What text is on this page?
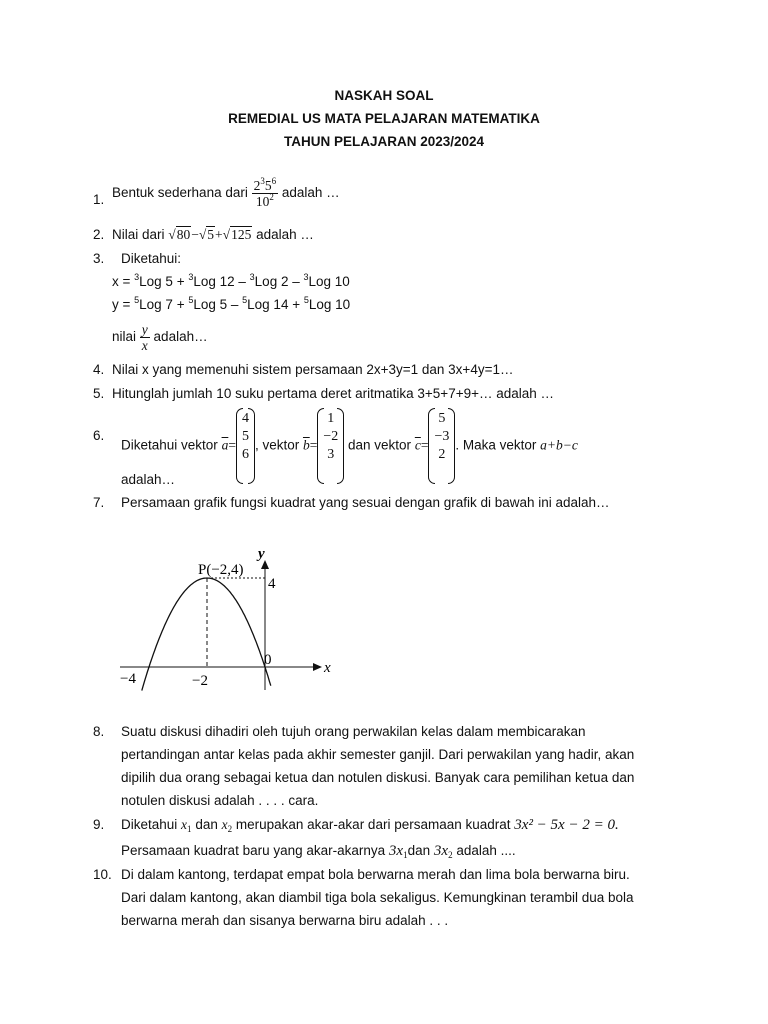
NASKAH SOAL
REMEDIAL US MATA PELAJARAN MATEMATIKA
TAHUN PELAJARAN 2023/2024
1. Bentuk sederhana dari $\frac{2^35^6}{10^2}$ adalah …
2. Nilai dari √80−√5+√125 adalah …
3. Diketahui:
x = $^3$Log 5 + $^3$Log 12 – $^3$Log 2 – $^3$Log 10
y = $^5$Log 7 + $^5$Log 5 – $^5$Log 14 + $^5$Log 10
nilai $\frac{y}{x}$ adalah…
4. Nilai x yang memenuhi sistem persamaan 2x+3y=1 dan 3x+4y=1…
5. Hitunglah jumlah 10 suku pertama deret aritmatika 3+5+7+9+… adalah …
6.
Diketahui vektor $\overline{a}=$
4
5
6
, vektor $\overline{b}=$
1
−2
3
dan vektor $\overline{c}=$
5
−3
2
. Maka vektor a+b−c
adalah…
7. Persamaan grafik fungsi kuadrat yang sesuai dengan grafik di bawah ini adalah…
P(−2,4)
y
x
4
0
−4	−2
8. Suatu diskusi dihadiri oleh tujuh orang perwakilan kelas dalam membicarakan
pertandingan antar kelas pada akhir semester ganjil. Dari perwakilan yang hadir, akan
dipilih dua orang sebagai ketua dan notulen diskusi. Banyak cara pemilihan ketua dan
notulen diskusi adalah . . . . cara.
9. Diketahui $x_1$ dan $x_2$ merupakan akar-akar dari persamaan kuadrat 3x² − 5x − 2 = 0.
Persamaan kuadrat baru yang akar-akarnya $3x_1dan$ $3x_2$ adalah ....
10. Di dalam kantong, terdapat empat bola berwarna merah dan lima bola berwarna biru.
Dari dalam kantong, akan diambil tiga bola sekaligus. Kemungkinan terambil dua bola
berwarna merah dan sisanya berwarna biru adalah . . .
